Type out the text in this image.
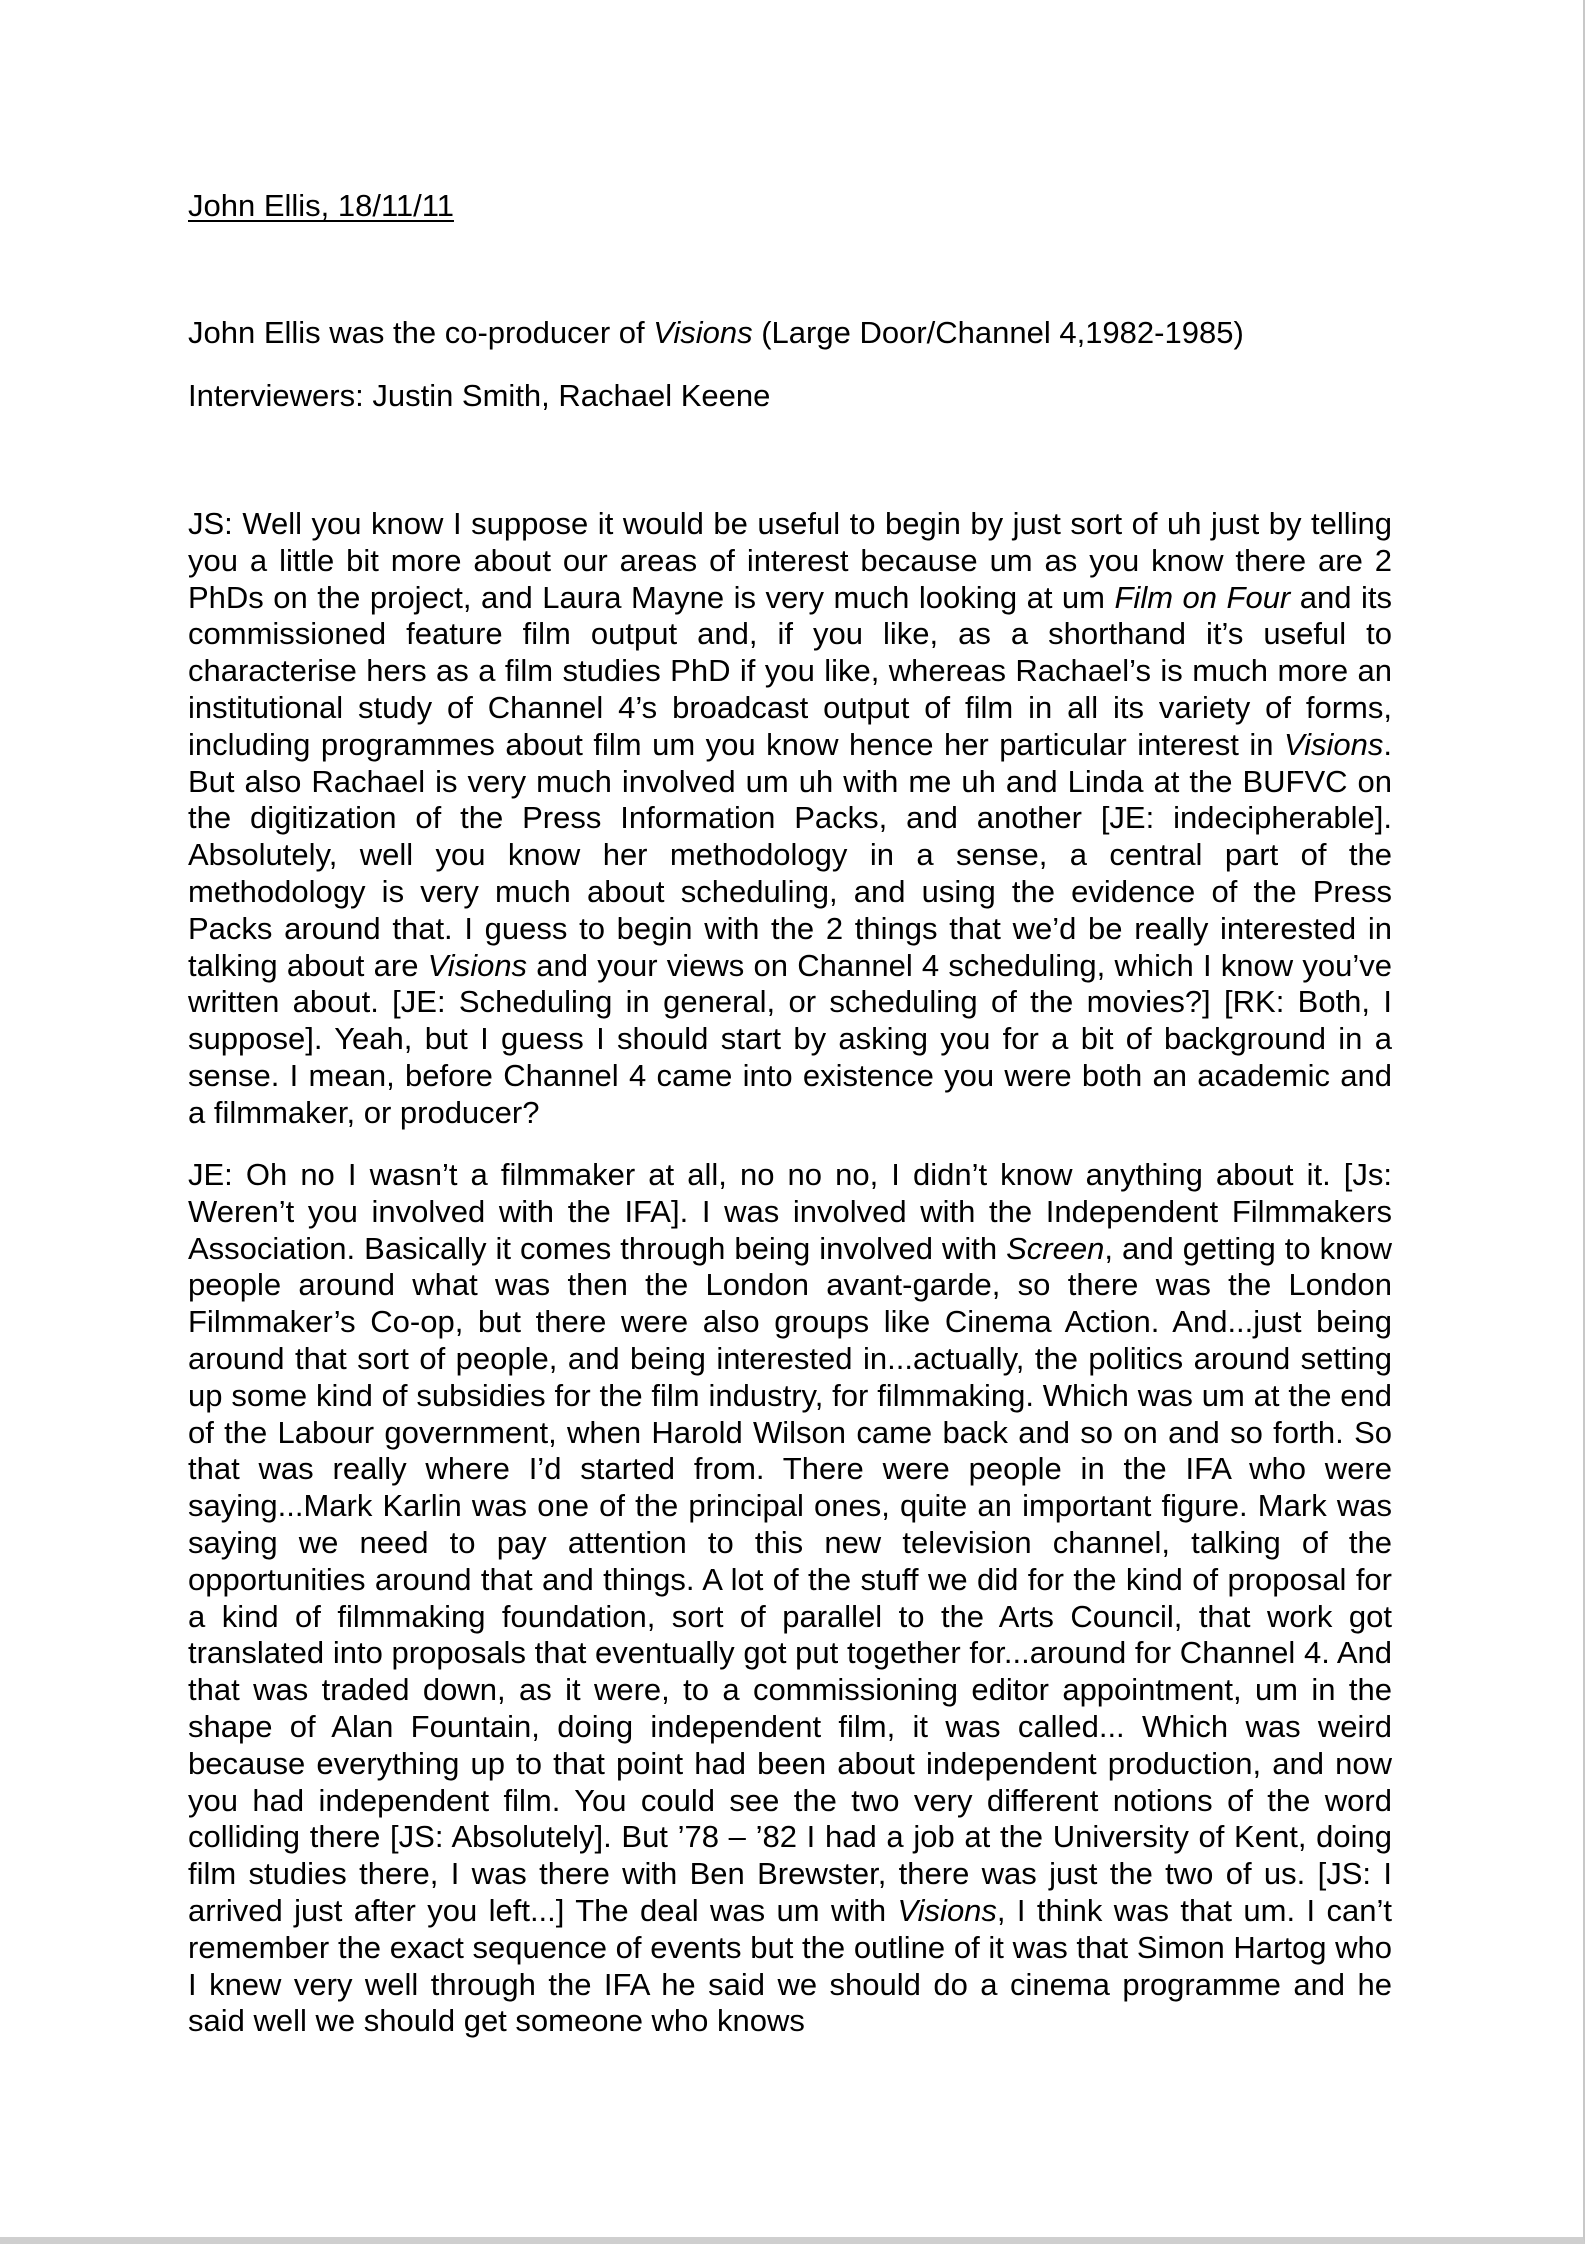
John Ellis, 18/11/11

John Ellis was the co-producer of Visions (Large Door/Channel 4,1982-1985)

Interviewers: Justin Smith, Rachael Keene

JS: Well you know I suppose it would be useful to begin by just sort of uh just by telling you a little bit more about our areas of interest because um as you know there are 2 PhDs on the project, and Laura Mayne is very much looking at um Film on Four and its commissioned feature film output and, if you like, as a shorthand it’s useful to characterise hers as a film studies PhD if you like, whereas Rachael’s is much more an institutional study of Channel 4’s broadcast output of film in all its variety of forms, including programmes about film um you know hence her particular interest in Visions. But also Rachael is very much involved um uh with me uh and Linda at the BUFVC on the digitization of the Press Information Packs, and another [JE: indecipherable]. Absolutely, well you know her methodology in a sense, a central part of the methodology is very much about scheduling, and using the evidence of the Press Packs around that. I guess to begin with the 2 things that we’d be really interested in talking about are Visions and your views on Channel 4 scheduling, which I know you’ve written about. [JE: Scheduling in general, or scheduling of the movies?] [RK: Both, I suppose]. Yeah, but I guess I should start by asking you for a bit of background in a sense. I mean, before Channel 4 came into existence you were both an academic and a filmmaker, or producer?

JE: Oh no I wasn’t a filmmaker at all, no no no, I didn’t know anything about it. [Js: Weren’t you involved with the IFA]. I was involved with the Independent Filmmakers Association. Basically it comes through being involved with Screen, and getting to know people around what was then the London avant-garde, so there was the London Filmmaker’s Co-op, but there were also groups like Cinema Action. And...just being around that sort of people, and being interested in...actually, the politics around setting up some kind of subsidies for the film industry, for filmmaking. Which was um at the end of the Labour government, when Harold Wilson came back and so on and so forth. So that was really where I’d started from. There were people in the IFA who were saying...Mark Karlin was one of the principal ones, quite an important figure. Mark was saying we need to pay attention to this new television channel, talking of the opportunities around that and things. A lot of the stuff we did for the kind of proposal for a kind of filmmaking foundation, sort of parallel to the Arts Council, that work got translated into proposals that eventually got put together for...around for Channel 4. And that was traded down, as it were, to a commissioning editor appointment, um in the shape of Alan Fountain, doing independent film, it was called... Which was weird because everything up to that point had been about independent production, and now you had independent film. You could see the two very different notions of the word colliding there [JS: Absolutely]. But ’78 – ’82 I had a job at the University of Kent, doing film studies there, I was there with Ben Brewster, there was just the two of us. [JS: I arrived just after you left...] The deal was um with Visions, I think was that um. I can’t remember the exact sequence of events but the outline of it was that Simon Hartog who I knew very well through the IFA he said we should do a cinema programme and he said well we should get someone who knows
